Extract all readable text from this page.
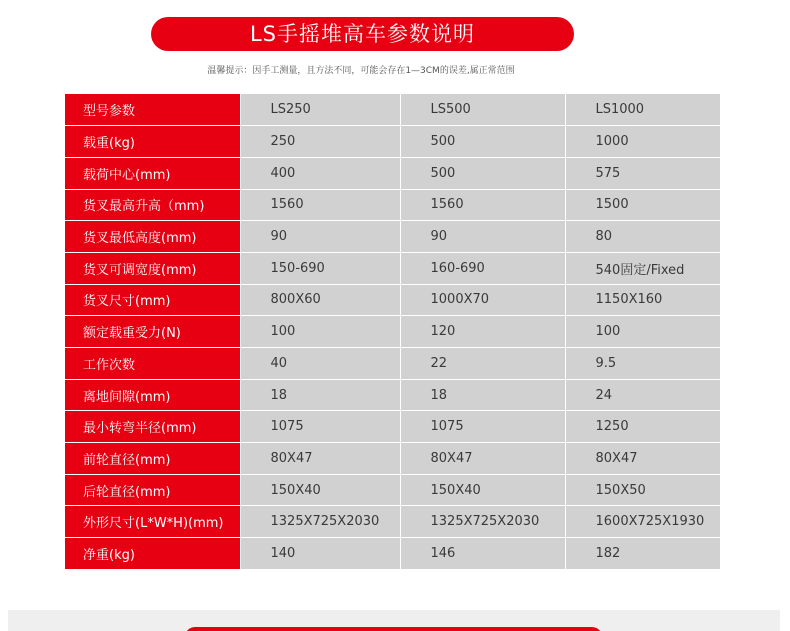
LS手摇堆高车参数说明
温馨提示：因手工测量，且方法不同，可能会存在1—3CM的误差,属正常范围
型号参数	LS250	LS500	LS1000
载重(kg)	250	500	1000
载荷中心(mm)	400	500	575
货叉最高升高（mm)	1560	1560	1500
货叉最低高度(mm)	90	90	80
货叉可调宽度(mm)	150-690	160-690	540固定/Fixed
货叉尺寸(mm)	800X60	1000X70	1150X160
额定载重受力(N)	100	120	100
工作次数	40	22	9.5
离地间隙(mm)	18	18	24
最小转弯半径(mm)	1075	1075	1250
前轮直径(mm)	80X47	80X47	80X47
后轮直径(mm)	150X40	150X40	150X50
外形尺寸(L*W*H)(mm)	1325X725X2030	1325X725X2030	1600X725X1930
净重(kg)	140	146	182
